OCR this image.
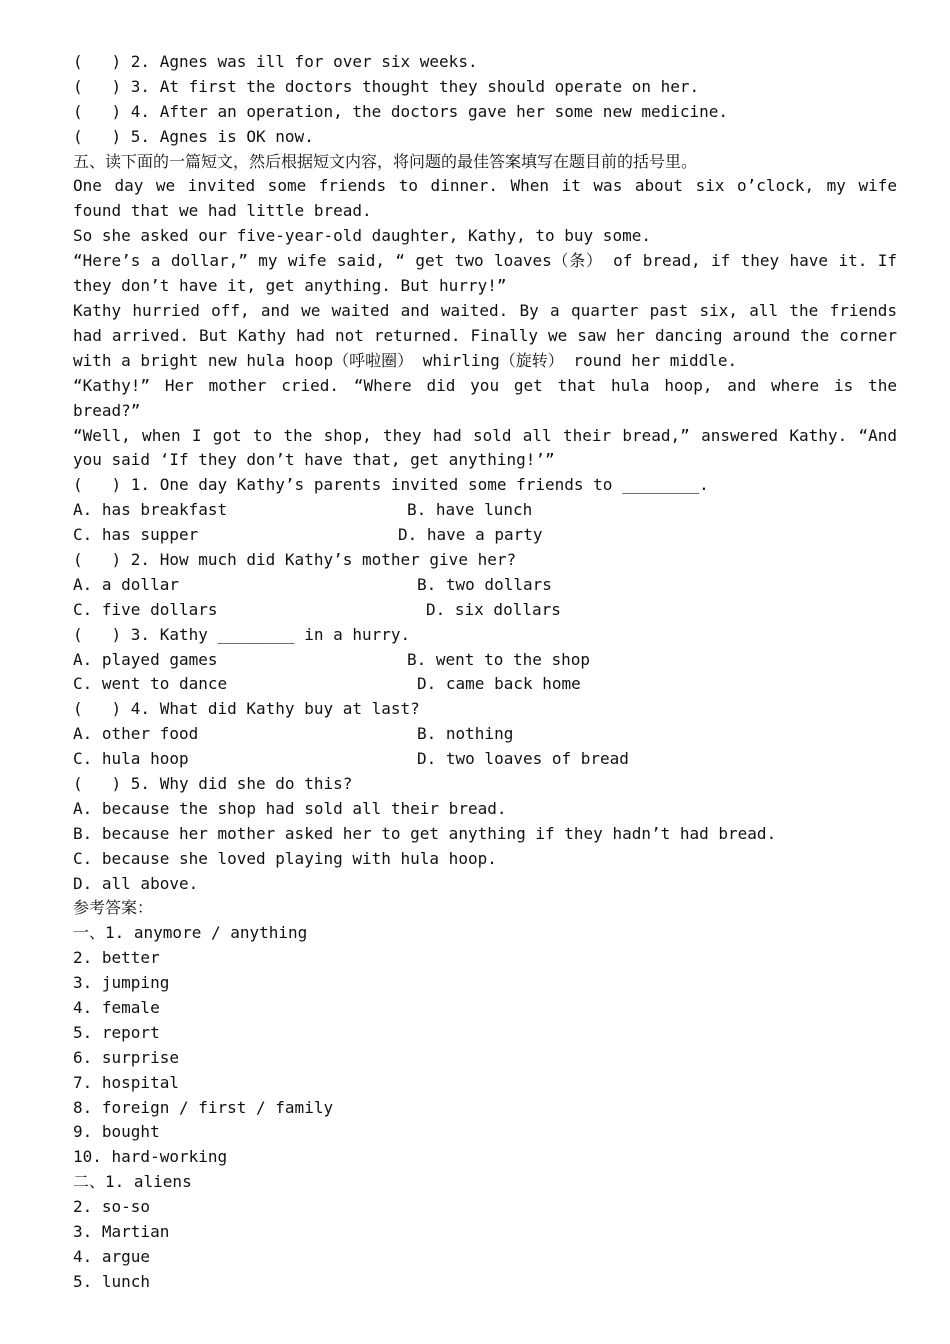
(   ) 2. Agnes was ill for over six weeks.
(   ) 3. At first the doctors thought they should operate on her.
(   ) 4. After an operation, the doctors gave her some new medicine.
(   ) 5. Agnes is OK now.
五、读下面的一篇短文，然后根据短文内容，将问题的最佳答案填写在题目前的括号里。
One day we invited some friends to dinner. When it was about six o’clock, my wife found that we had little bread.
So she asked our five-year-old daughter, Kathy, to buy some.
“Here’s a dollar,” my wife said, “ get two loaves（条） of bread, if they have it. If they don’t have it, get anything. But hurry!”
Kathy hurried off, and we waited and waited. By a quarter past six, all the friends had arrived. But Kathy had not returned. Finally we saw her dancing around the corner with a bright new hula hoop（呼啦圈） whirling（旋转） round her middle.
“Kathy!” Her mother cried. “Where did you get that hula hoop, and where is the bread?”
“Well, when I got to the shop, they had sold all their bread,” answered Kathy. “And you said ‘If they don’t have that, get anything!’”
(   ) 1. One day Kathy’s parents invited some friends to ________.
A. has breakfast	B. have lunch
C. has supper	D. have a party
(   ) 2. How much did Kathy’s mother give her?
A. a dollar	B. two dollars
C. five dollars	D. six dollars
(   ) 3. Kathy ________ in a hurry.
A. played games	B. went to the shop
C. went to dance	D. came back home
(   ) 4. What did Kathy buy at last?
A. other food	B. nothing
C. hula hoop	D. two loaves of bread
(   ) 5. Why did she do this?
A. because the shop had sold all their bread.
B. because her mother asked her to get anything if they hadn’t had bread.
C. because she loved playing with hula hoop.
D. all above.
参考答案：
一、1. anymore / anything
2. better
3. jumping
4. female
5. report
6. surprise
7. hospital
8. foreign / first / family
9. bought
10. hard-working
二、1. aliens
2. so-so
3. Martian
4. argue
5. lunch
